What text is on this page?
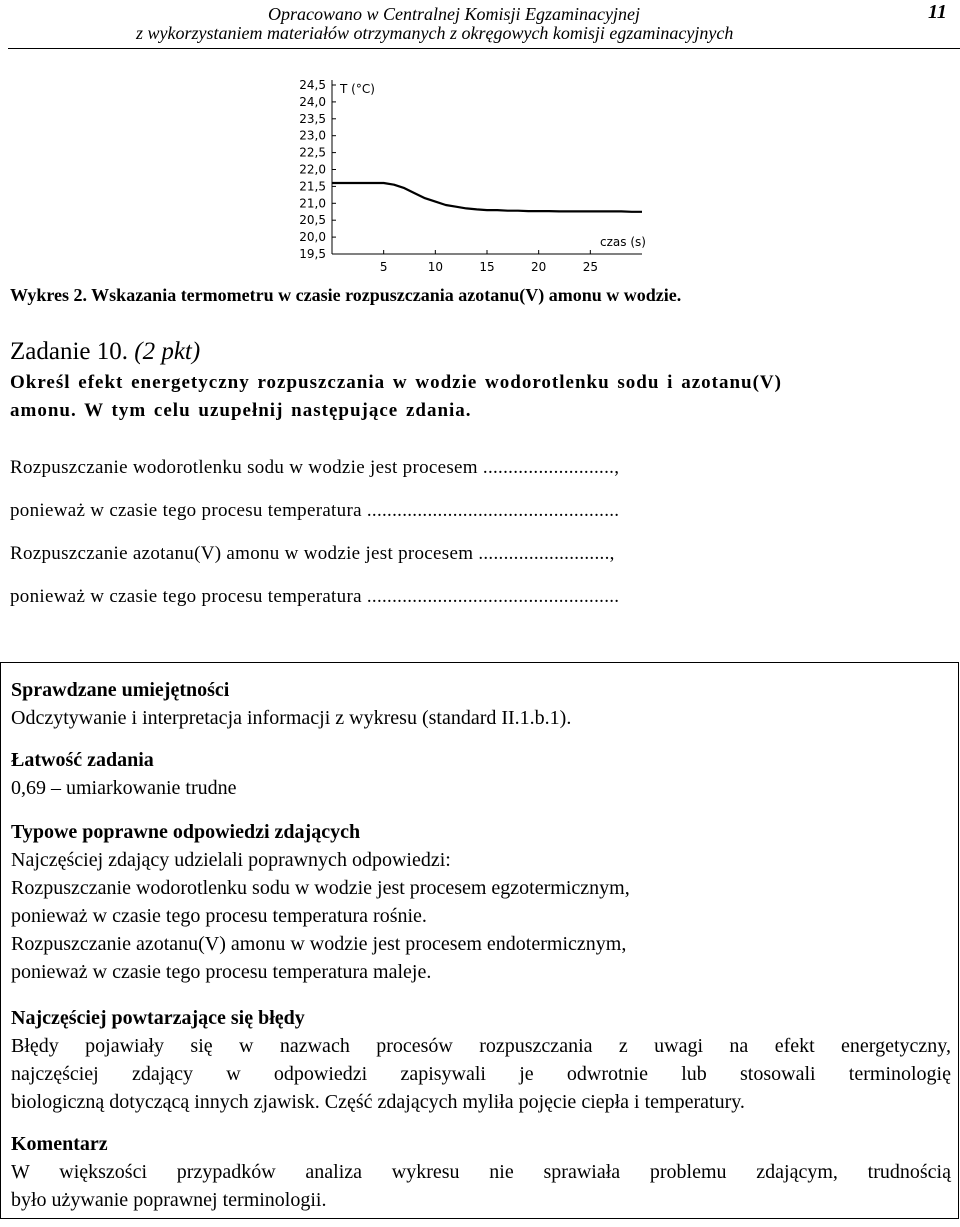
Opracowano w Centralnej Komisji Egzaminacyjnej
z wykorzystaniem materiałów otrzymanych z okręgowych komisji egzaminacyjnych
11
24,5
24,0
23,5
23,0
22,5
22,0
21,5
21,0
20,5
20,0
19,5
5	10	15	20	25
T (°C)
czas (s)
Wykres 2. Wskazania termometru w czasie rozpuszczania azotanu(V) amonu w wodzie.
Zadanie 10. (2 pkt)
Określ efekt energetyczny rozpuszczania w wodzie wodorotlenku sodu i azotanu(V)
amonu. W tym celu uzupełnij następujące zdania.
Rozpuszczanie wodorotlenku sodu w wodzie jest procesem ..........................,
ponieważ w czasie tego procesu temperatura ..................................................
Rozpuszczanie azotanu(V) amonu w wodzie jest procesem ..........................,
ponieważ w czasie tego procesu temperatura ..................................................
Sprawdzane umiejętności
Odczytywanie i interpretacja informacji z wykresu (standard II.1.b.1).
Łatwość zadania
0,69 – umiarkowanie trudne
Typowe poprawne odpowiedzi zdających
Najczęściej zdający udzielali poprawnych odpowiedzi:
Rozpuszczanie wodorotlenku sodu w wodzie jest procesem egzotermicznym,
ponieważ w czasie tego procesu temperatura rośnie.
Rozpuszczanie azotanu(V) amonu w wodzie jest procesem endotermicznym,
ponieważ w czasie tego procesu temperatura maleje.
Najczęściej powtarzające się błędy
Błędy pojawiały się w nazwach procesów rozpuszczania z uwagi na efekt energetyczny,
najczęściej zdający w odpowiedzi zapisywali je odwrotnie lub stosowali terminologię
biologiczną dotyczącą innych zjawisk. Część zdających myliła pojęcie ciepła i temperatury.
Komentarz
W większości przypadków analiza wykresu nie sprawiała problemu zdającym, trudnością
było używanie poprawnej terminologii.
